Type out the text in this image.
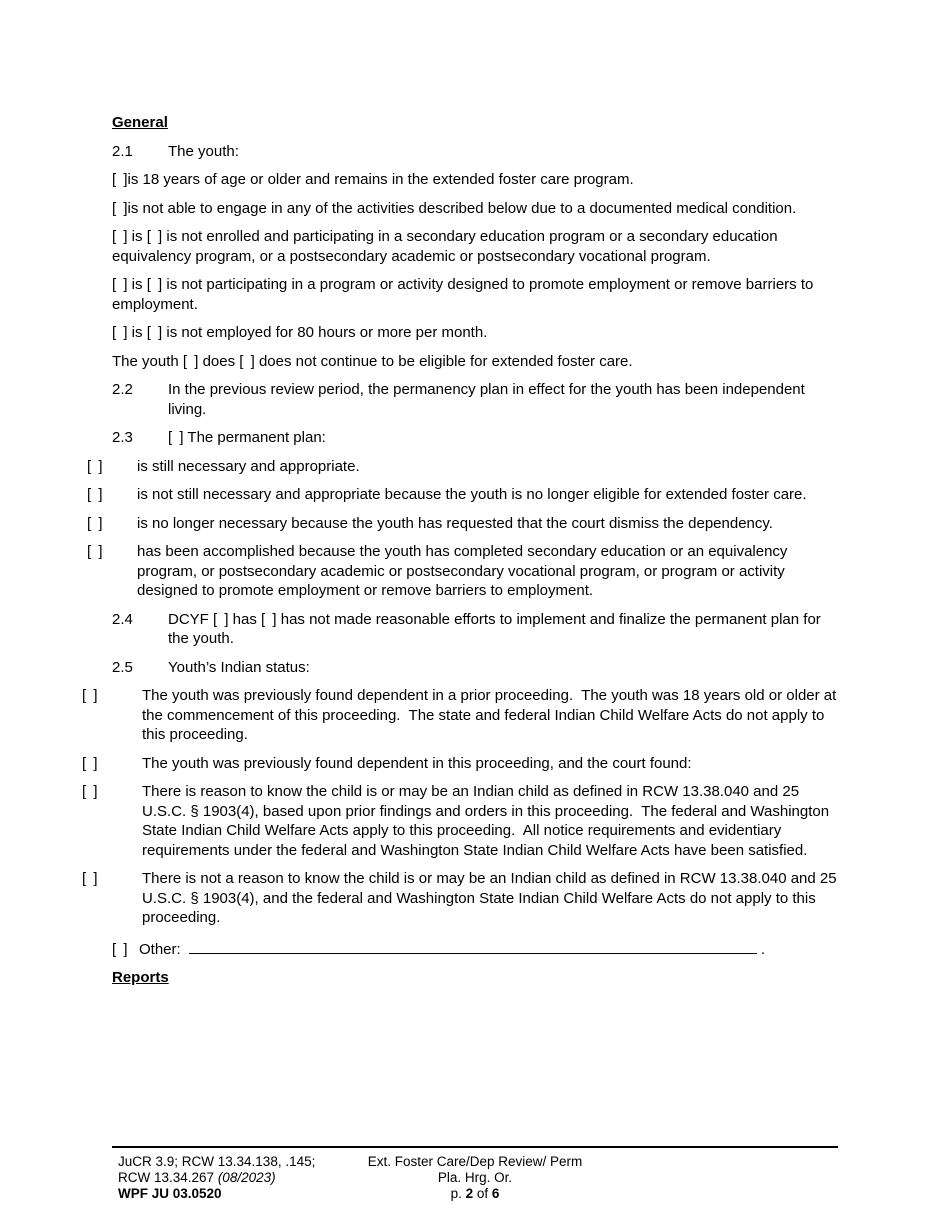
General

2.1 The youth:

[ ]is 18 years of age or older and remains in the extended foster care program.

[ ]is not able to engage in any of the activities described below due to a documented medical condition.

[ ] is [ ] is not enrolled and participating in a secondary education program or a secondary education equivalency program, or a postsecondary academic or postsecondary vocational program.

[ ] is [ ] is not participating in a program or activity designed to promote employment or remove barriers to employment.

[ ] is [ ] is not employed for 80 hours or more per month.

The youth [ ] does [ ] does not continue to be eligible for extended foster care.

2.2 In the previous review period, the permanency plan in effect for the youth has been independent living.

2.3 [ ] The permanent plan:

[ ] is still necessary and appropriate.

[ ] is not still necessary and appropriate because the youth is no longer eligible for extended foster care.

[ ] is no longer necessary because the youth has requested that the court dismiss the dependency.

[ ] has been accomplished because the youth has completed secondary education or an equivalency program, or postsecondary academic or postsecondary vocational program, or program or activity designed to promote employment or remove barriers to employment.

2.4 DCYF [ ] has [ ] has not made reasonable efforts to implement and finalize the permanent plan for the youth.

2.5 Youth’s Indian status:

[ ]	The youth was previously found dependent in a prior proceeding.  The youth was 18 years old or older at the commencement of this proceeding.  The state and federal Indian Child Welfare Acts do not apply to this proceeding.

[ ]	The youth was previously found dependent in this proceeding, and the court found:

[ ]	There is reason to know the child is or may be an Indian child as defined in RCW 13.38.040 and 25 U.S.C. § 1903(4), based upon prior findings and orders in this proceeding.  The federal and Washington State Indian Child Welfare Acts apply to this proceeding.  All notice requirements and evidentiary requirements under the federal and Washington State Indian Child Welfare Acts have been satisfied.

[ ]	There is not a reason to know the child is or may be an Indian child as defined in RCW 13.38.040 and 25 U.S.C. § 1903(4), and the federal and Washington State Indian Child Welfare Acts do not apply to this proceeding.

[ ] Other:	.

Reports

JuCR 3.9; RCW 13.34.138, .145;
RCW 13.34.267 (08/2023)
WPF JU 03.0520
Ext. Foster Care/Dep Review/ Perm
Pla. Hrg. Or.
p. 2 of 6
